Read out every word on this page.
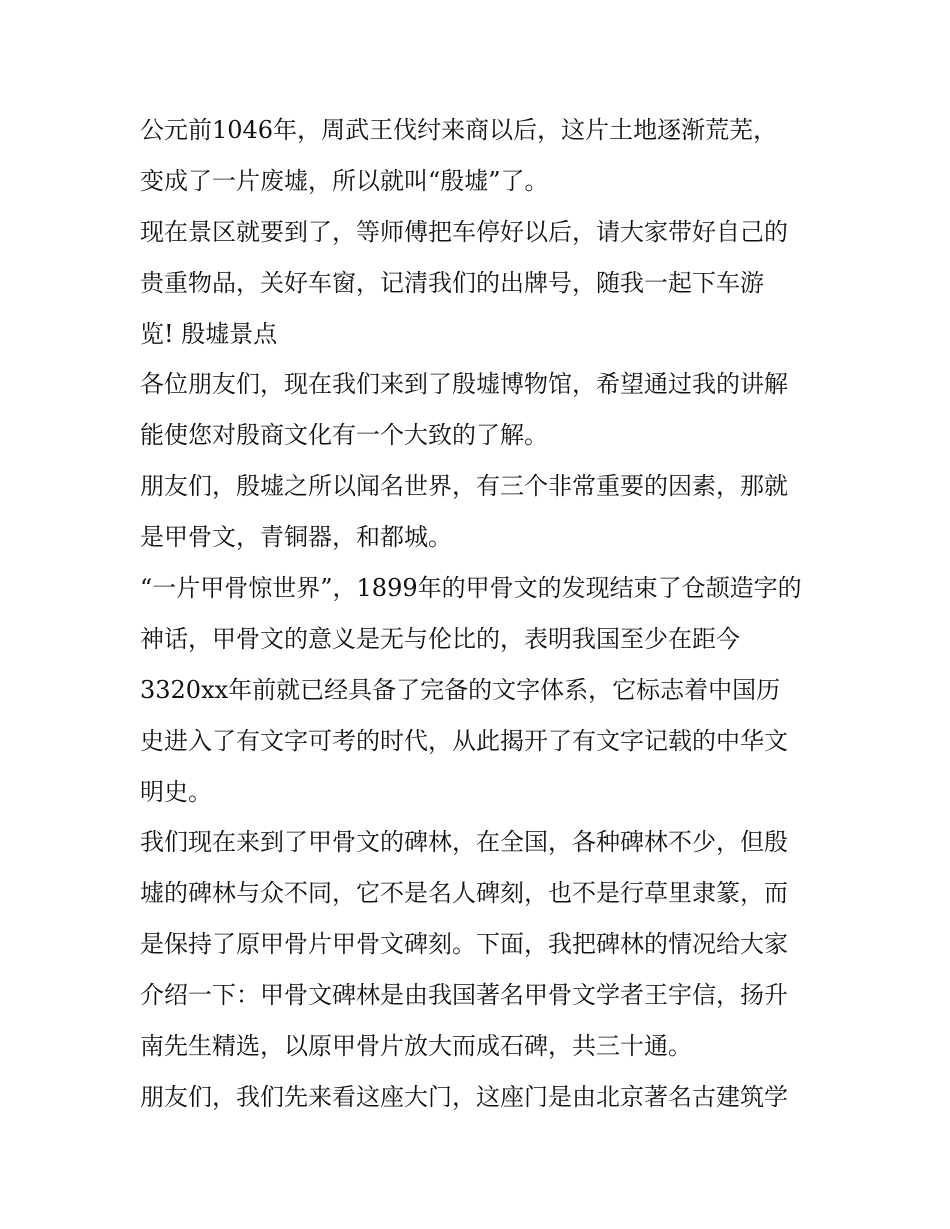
公元前1046年，周武王伐纣来商以后，这片土地逐渐荒芜，
变成了一片废墟，所以就叫“殷墟”了。
现在景区就要到了，等师傅把车停好以后，请大家带好自己的
贵重物品，关好车窗，记清我们的出牌号，随我一起下车游
览! 殷墟景点
各位朋友们，现在我们来到了殷墟博物馆，希望通过我的讲解
能使您对殷商文化有一个大致的了解。
朋友们，殷墟之所以闻名世界，有三个非常重要的因素，那就
是甲骨文，青铜器，和都城。
“一片甲骨惊世界”，1899年的甲骨文的发现结束了仓颉造字的
神话，甲骨文的意义是无与伦比的，表明我国至少在距今
3320xx年前就已经具备了完备的文字体系，它标志着中国历
史进入了有文字可考的时代，从此揭开了有文字记载的中华文
明史。
我们现在来到了甲骨文的碑林，在全国，各种碑林不少，但殷
墟的碑林与众不同，它不是名人碑刻，也不是行草里隶篆，而
是保持了原甲骨片甲骨文碑刻。下面，我把碑林的情况给大家
介绍一下：甲骨文碑林是由我国著名甲骨文学者王宇信，扬升
南先生精选，以原甲骨片放大而成石碑，共三十通。
朋友们，我们先来看这座大门，这座门是由北京著名古建筑学
